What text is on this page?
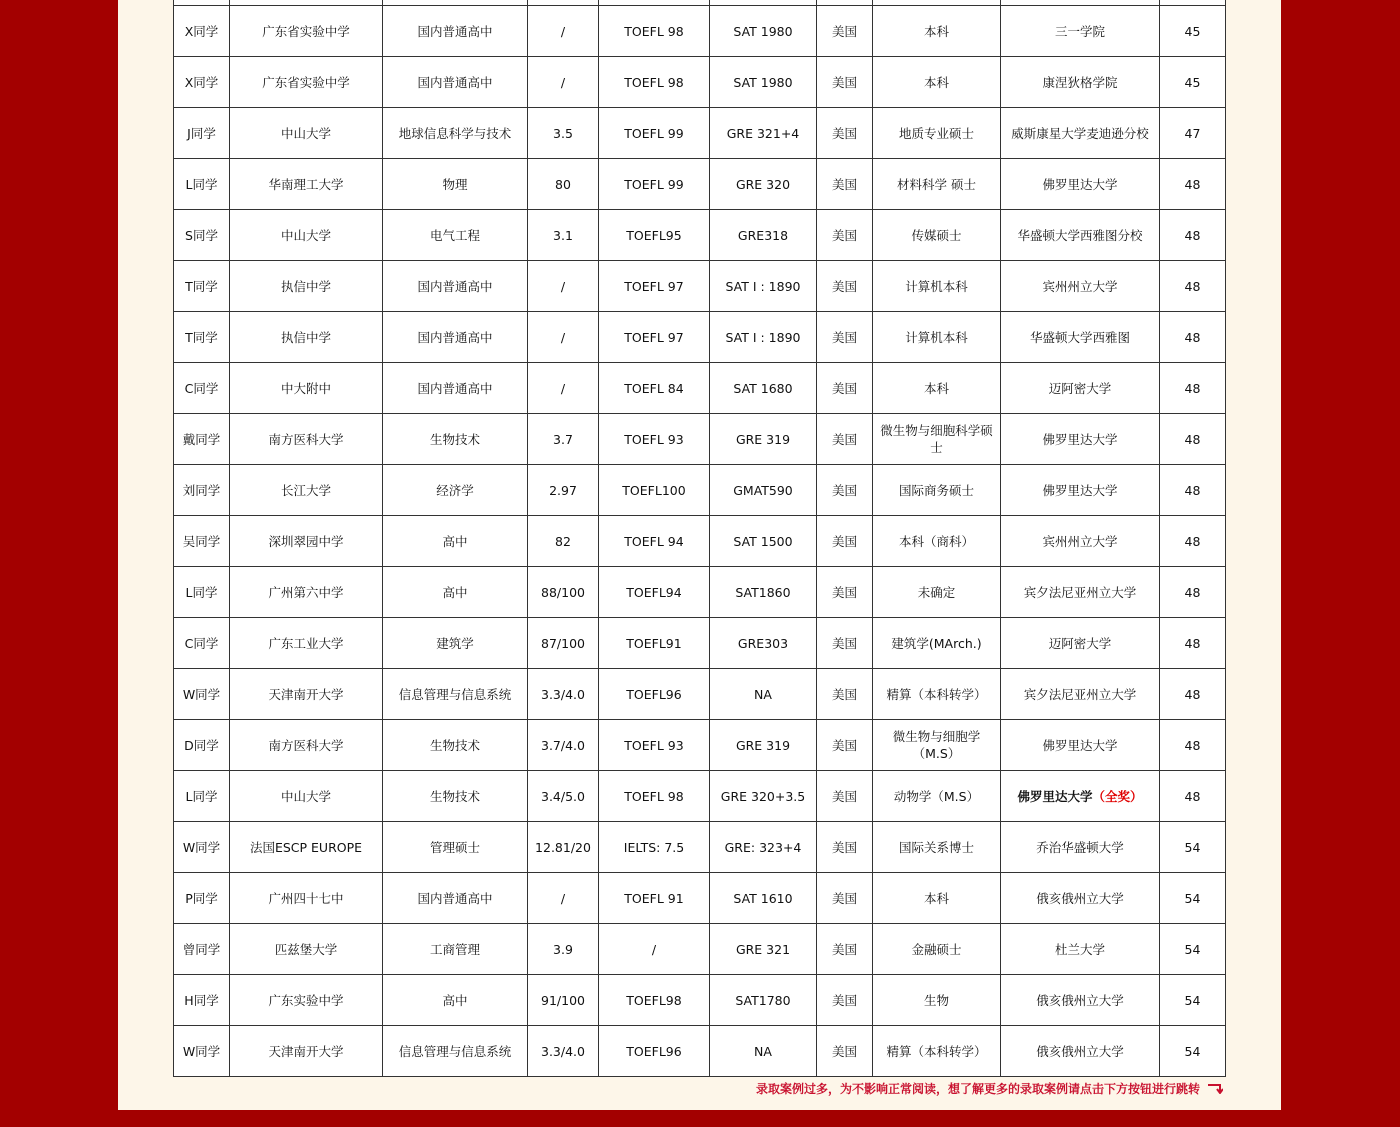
X同学	广东省实验中学	国内普通高中	/	TOEFL 98	SAT 1980	美国	本科	三一学院	45
X同学	广东省实验中学	国内普通高中	/	TOEFL 98	SAT 1980	美国	本科	康涅狄格学院	45
J同学	中山大学	地球信息科学与技术	3.5	TOEFL 99	GRE 321+4	美国	地质专业硕士	威斯康星大学麦迪逊分校	47
L同学	华南理工大学	物理	80	TOEFL 99	GRE 320	美国	材料科学 硕士	佛罗里达大学	48
S同学	中山大学	电气工程	3.1	TOEFL95	GRE318	美国	传媒硕士	华盛顿大学西雅图分校	48
T同学	执信中学	国内普通高中	/	TOEFL 97	SAT I : 1890	美国	计算机本科	宾州州立大学	48
T同学	执信中学	国内普通高中	/	TOEFL 97	SAT I : 1890	美国	计算机本科	华盛顿大学西雅图	48
C同学	中大附中	国内普通高中	/	TOEFL 84	SAT 1680	美国	本科	迈阿密大学	48
戴同学	南方医科大学	生物技术	3.7	TOEFL 93	GRE 319	美国	微生物与细胞科学硕士	佛罗里达大学	48
刘同学	长江大学	经济学	2.97	TOEFL100	GMAT590	美国	国际商务硕士	佛罗里达大学	48
吴同学	深圳翠园中学	高中	82	TOEFL 94	SAT 1500	美国	本科（商科）	宾州州立大学	48
L同学	广州第六中学	高中	88/100	TOEFL94	SAT1860	美国	未确定	宾夕法尼亚州立大学	48
C同学	广东工业大学	建筑学	87/100	TOEFL91	GRE303	美国	建筑学(MArch.)	迈阿密大学	48
W同学	天津南开大学	信息管理与信息系统	3.3/4.0	TOEFL96	NA	美国	精算（本科转学）	宾夕法尼亚州立大学	48
D同学	南方医科大学	生物技术	3.7/4.0	TOEFL 93	GRE 319	美国	微生物与细胞学（M.S）	佛罗里达大学	48
L同学	中山大学	生物技术	3.4/5.0	TOEFL 98	GRE 320+3.5	美国	动物学（M.S）	佛罗里达大学（全奖）	48
W同学	法国ESCP EUROPE	管理硕士	12.81/20	IELTS: 7.5	GRE: 323+4	美国	国际关系博士	乔治华盛顿大学	54
P同学	广州四十七中	国内普通高中	/	TOEFL 91	SAT 1610	美国	本科	俄亥俄州立大学	54
曾同学	匹兹堡大学	工商管理	3.9	/	GRE 321	美国	金融硕士	杜兰大学	54
H同学	广东实验中学	高中	91/100	TOEFL98	SAT1780	美国	生物	俄亥俄州立大学	54
W同学	天津南开大学	信息管理与信息系统	3.3/4.0	TOEFL96	NA	美国	精算（本科转学）	俄亥俄州立大学	54
录取案例过多，为不影响正常阅读，想了解更多的录取案例请点击下方按钮进行跳转
